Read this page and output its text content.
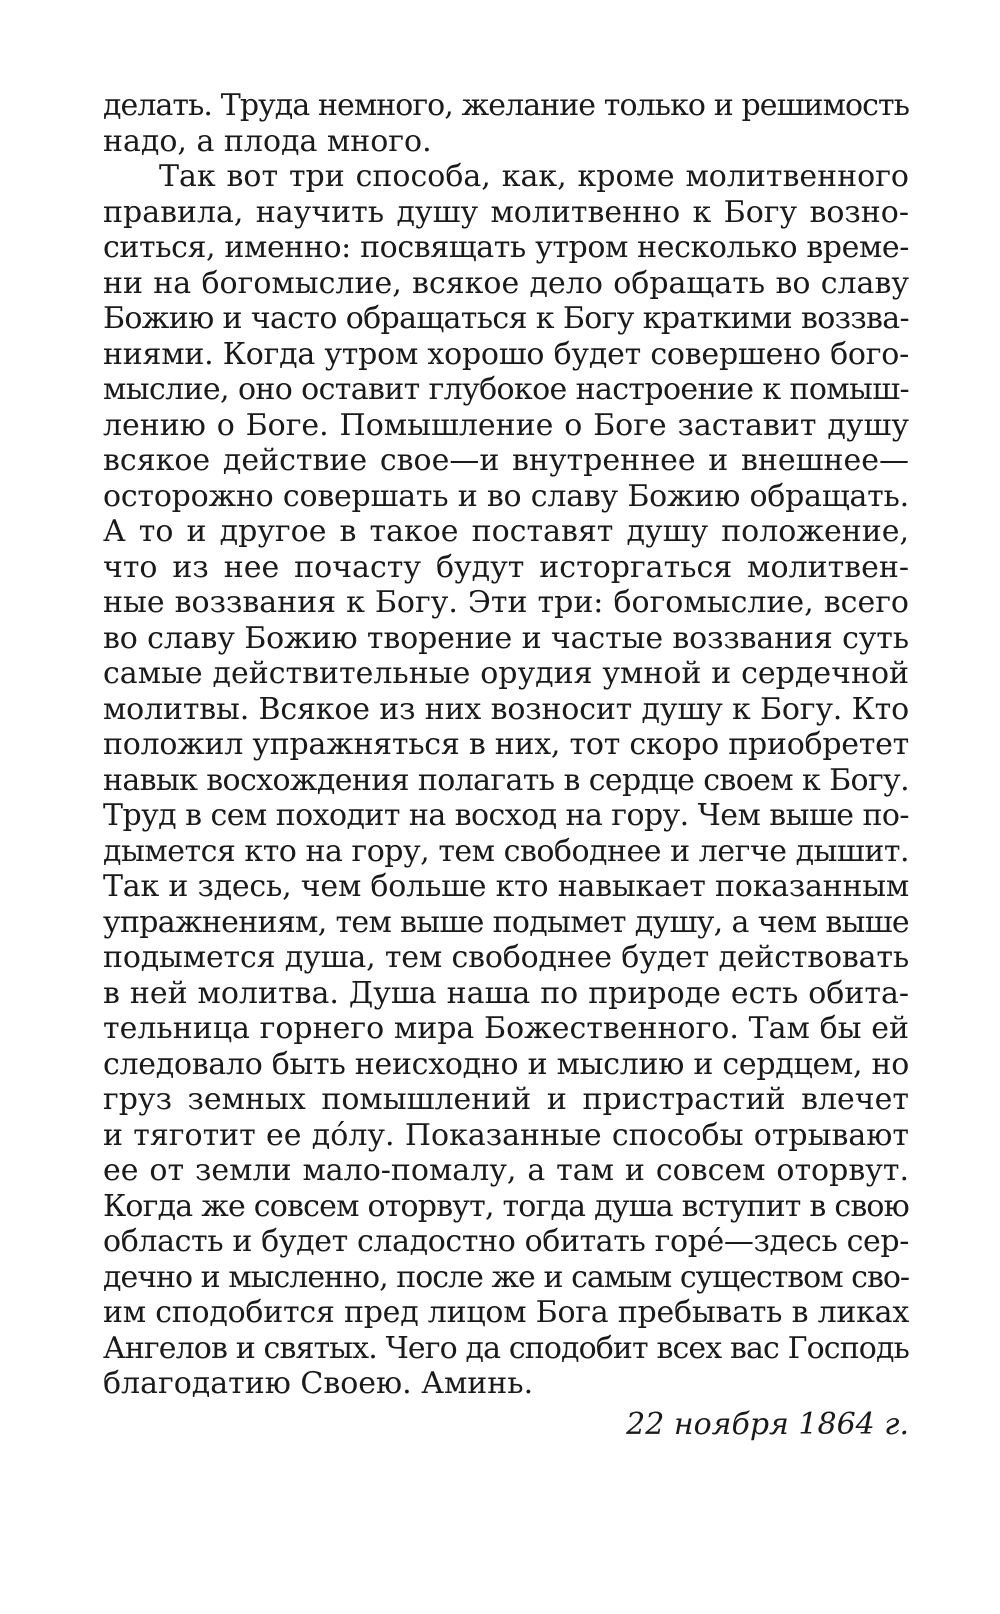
делать. Труда немного, желание только и решимость
надо, а плода много.
Так вот три способа, как, кроме молитвенного
правила, научить душу молитвенно к Богу возно-
ситься, именно: посвящать утром несколько време-
ни на богомыслие, всякое дело обращать во славу
Божию и часто обращаться к Богу краткими воззва-
ниями. Когда утром хорошо будет совершено бого-
мыслие, оно оставит глубокое настроение к помыш-
лению о Боге. Помышление о Боге заставит душу
всякое действие свое—и внутреннее и внешнее—
осторожно совершать и во славу Божию обращать.
А то и другое в такое поставят душу положение,
что из нее почасту будут исторгаться молитвен-
ные воззвания к Богу. Эти три: богомыслие, всего
во славу Божию творение и частые воззвания суть
самые действительные орудия умной и сердечной
молитвы. Всякое из них возносит душу к Богу. Кто
положил упражняться в них, тот скоро приобретет
навык восхождения полагать в сердце своем к Богу.
Труд в сем походит на восход на гору. Чем выше по-
дымется кто на гору, тем свободнее и легче дышит.
Так и здесь, чем больше кто навыкает показанным
упражнениям, тем выше подымет душу, а чем выше
подымется душа, тем свободнее будет действовать
в ней молитва. Душа наша по природе есть обита-
тельница горнего мира Божественного. Там бы ей
следовало быть неисходно и мыслию и сердцем, но
груз земных помышлений и пристрастий влечет
и тяготит ее до́лу. Показанные способы отрывают
ее от земли мало-помалу, а там и совсем оторвут.
Когда же совсем оторвут, тогда душа вступит в свою
область и будет сладостно обитать горе́—здесь сер-
дечно и мысленно, после же и самым существом сво-
им сподобится пред лицом Бога пребывать в ликах
Ангелов и святых. Чего да сподобит всех вас Господь
благодатию Своею. Аминь.
22 ноября 1864 г.
